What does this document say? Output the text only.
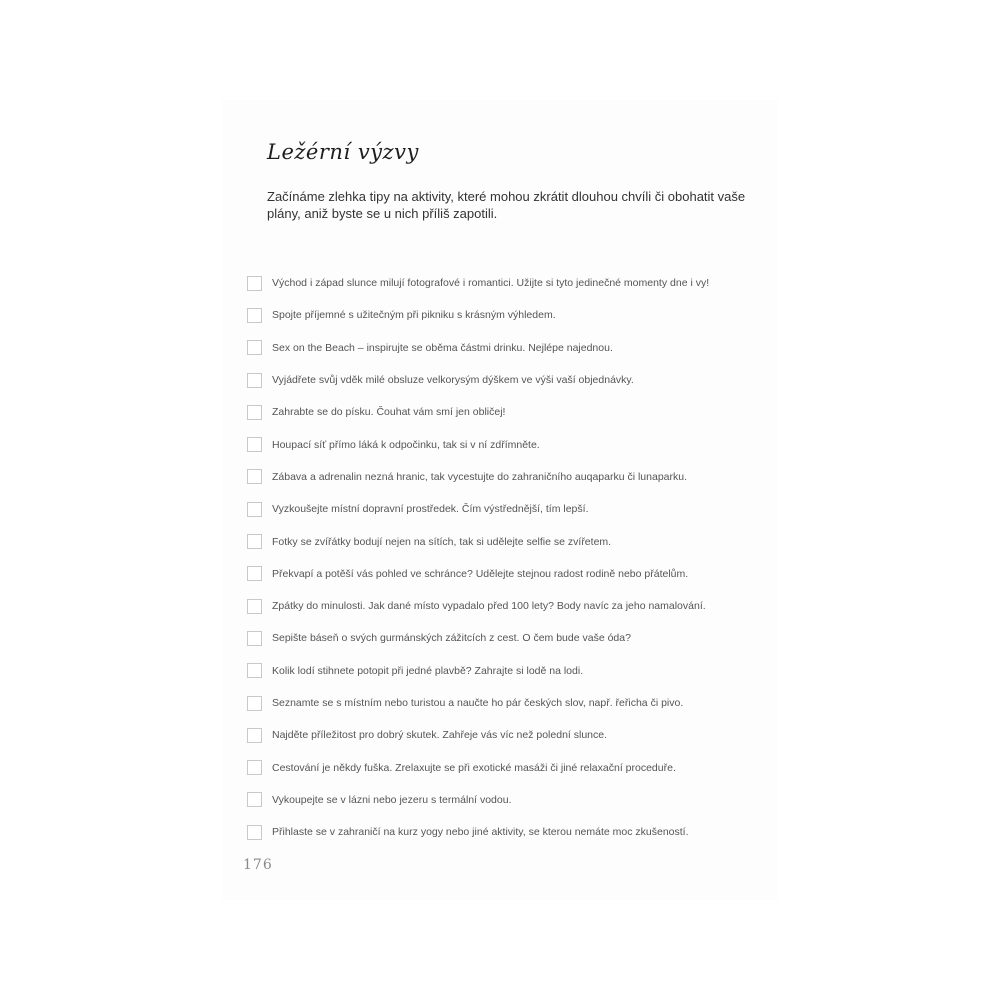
Ležérní výzvy

Začínáme zlehka tipy na aktivity, které mohou zkrátit dlouhou chvíli či obohatit vaše plány, aniž byste se u nich příliš zapotili.

Východ i západ slunce milují fotografové i romantici. Užijte si tyto jedinečné momenty dne i vy!
Spojte příjemné s užitečným při pikniku s krásným výhledem.
Sex on the Beach – inspirujte se oběma částmi drinku. Nejlépe najednou.
Vyjádřete svůj vděk milé obsluze velkorysým dýškem ve výši vaší objednávky.
Zahrabte se do písku. Čouhat vám smí jen obličej!
Houpací síť přímo láká k odpočinku, tak si v ní zdřímněte.
Zábava a adrenalin nezná hranic, tak vycestujte do zahraničního auqaparku či lunaparku.
Vyzkoušejte místní dopravní prostředek. Čím výstřednější, tím lepší.
Fotky se zvířátky bodují nejen na sítích, tak si udělejte selfie se zvířetem.
Překvapí a potěší vás pohled ve schránce? Udělejte stejnou radost rodině nebo přátelům.
Zpátky do minulosti. Jak dané místo vypadalo před 100 lety? Body navíc za jeho namalování.
Sepište báseň o svých gurmánských zážitcích z cest. O čem bude vaše óda?
Kolik lodí stihnete potopit při jedné plavbě? Zahrajte si lodě na lodi.
Seznamte se s místním nebo turistou a naučte ho pár českých slov, např. řeřicha či pivo.
Najděte příležitost pro dobrý skutek. Zahřeje vás víc než polední slunce.
Cestování je někdy fuška. Zrelaxujte se při exotické masáži či jiné relaxační proceduře.
Vykoupejte se v lázni nebo jezeru s termální vodou.
Přihlaste se v zahraničí na kurz yogy nebo jiné aktivity, se kterou nemáte moc zkušeností.
176
